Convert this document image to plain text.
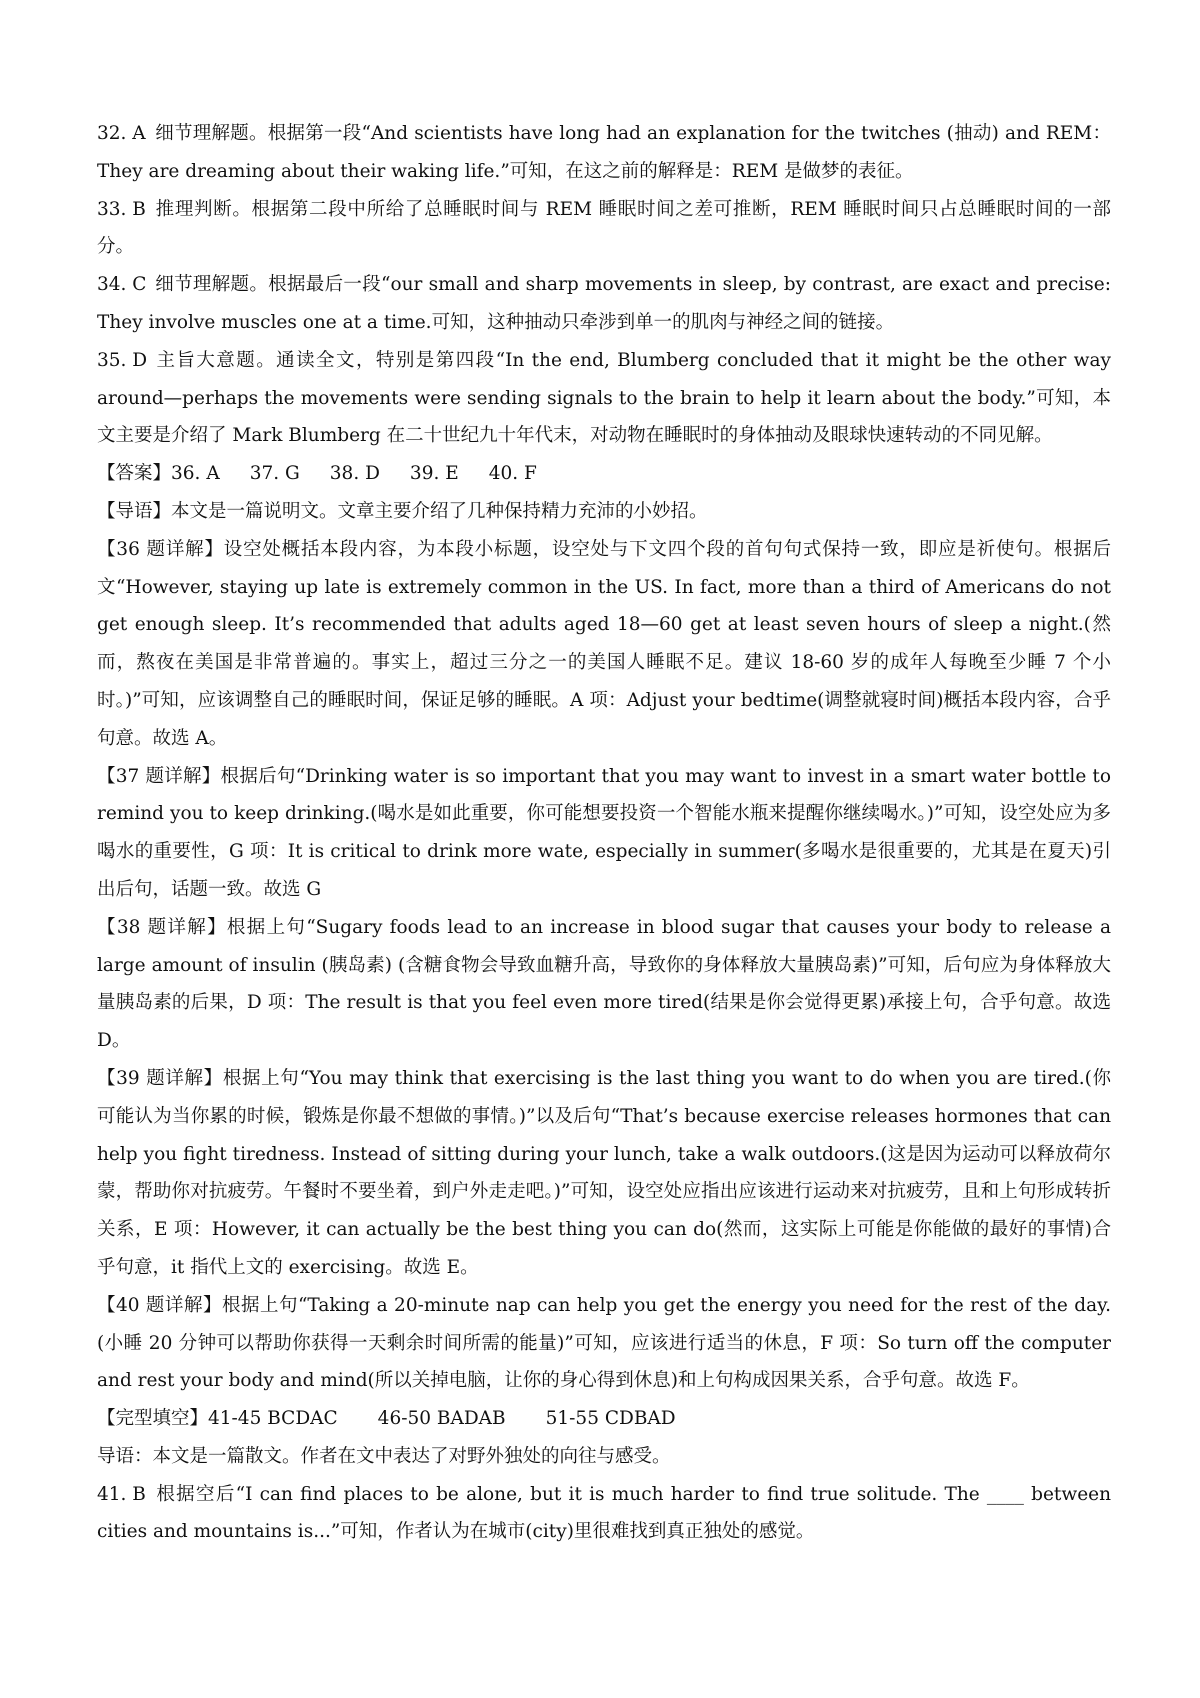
32. A 细节理解题。根据第一段“And scientists have long had an explanation for the twitches (抽动) and REM：They are dreaming about their waking life.”可知，在这之前的解释是：REM 是做梦的表征。

33. B 推理判断。根据第二段中所给了总睡眠时间与 REM 睡眠时间之差可推断，REM 睡眠时间只占总睡眠时间的一部分。

34. C 细节理解题。根据最后一段“our small and sharp movements in sleep, by contrast, are exact and precise: They involve muscles one at a time.可知，这种抽动只牵涉到单一的肌肉与神经之间的链接。

35. D 主旨大意题。通读全文，特别是第四段“In the end, Blumberg concluded that it might be the other way around—perhaps the movements were sending signals to the brain to help it learn about the body.”可知，本文主要是介绍了 Mark Blumberg 在二十世纪九十年代末，对动物在睡眠时的身体抽动及眼球快速转动的不同见解。

【答案】36. A 37. G 38. D 39. E 40. F

【导语】本文是一篇说明文。文章主要介绍了几种保持精力充沛的小妙招。

【36 题详解】设空处概括本段内容，为本段小标题，设空处与下文四个段的首句句式保持一致，即应是祈使句。根据后文“However, staying up late is extremely common in the US. In fact, more than a third of Americans do not get enough sleep. It’s recommended that adults aged 18—60 get at least seven hours of sleep a night.(然而，熬夜在美国是非常普遍的。事实上，超过三分之一的美国人睡眠不足。建议 18-60 岁的成年人每晚至少睡 7 个小时。)”可知，应该调整自己的睡眠时间，保证足够的睡眠。A 项：Adjust your bedtime(调整就寝时间)概括本段内容，合乎句意。故选 A。

【37 题详解】根据后句“Drinking water is so important that you may want to invest in a smart water bottle to remind you to keep drinking.(喝水是如此重要，你可能想要投资一个智能水瓶来提醒你继续喝水。)”可知，设空处应为多喝水的重要性，G 项：It is critical to drink more wate, especially in summer(多喝水是很重要的，尤其是在夏天)引出后句，话题一致。故选 G

【38 题详解】根据上句“Sugary foods lead to an increase in blood sugar that causes your body to release a large amount of insulin (胰岛素) (含糖食物会导致血糖升高，导致你的身体释放大量胰岛素)”可知，后句应为身体释放大量胰岛素的后果，D 项：The result is that you feel even more tired(结果是你会觉得更累)承接上句，合乎句意。故选 D。

【39 题详解】根据上句“You may think that exercising is the last thing you want to do when you are tired.(你可能认为当你累的时候，锻炼是你最不想做的事情。)”以及后句“That’s because exercise releases hormones that can help you fight tiredness. Instead of sitting during your lunch, take a walk outdoors.(这是因为运动可以释放荷尔蒙，帮助你对抗疲劳。午餐时不要坐着，到户外走走吧。)”可知，设空处应指出应该进行运动来对抗疲劳，且和上句形成转折关系，E 项：However, it can actually be the best thing you can do(然而，这实际上可能是你能做的最好的事情)合乎句意，it 指代上文的 exercising。故选 E。

【40 题详解】根据上句“Taking a 20-minute nap can help you get the energy you need for the rest of the day.(小睡 20 分钟可以帮助你获得一天剩余时间所需的能量)”可知，应该进行适当的休息，F 项：So turn off the computer and rest your body and mind(所以关掉电脑，让你的身心得到休息)和上句构成因果关系，合乎句意。故选 F。

【完型填空】41-45 BCDAC 46-50 BADAB 51-55 CDBAD

导语：本文是一篇散文。作者在文中表达了对野外独处的向往与感受。

41. B 根据空后“I can find places to be alone, but it is much harder to find true solitude. The ____ between cities and mountains is...”可知，作者认为在城市(city)里很难找到真正独处的感觉。
